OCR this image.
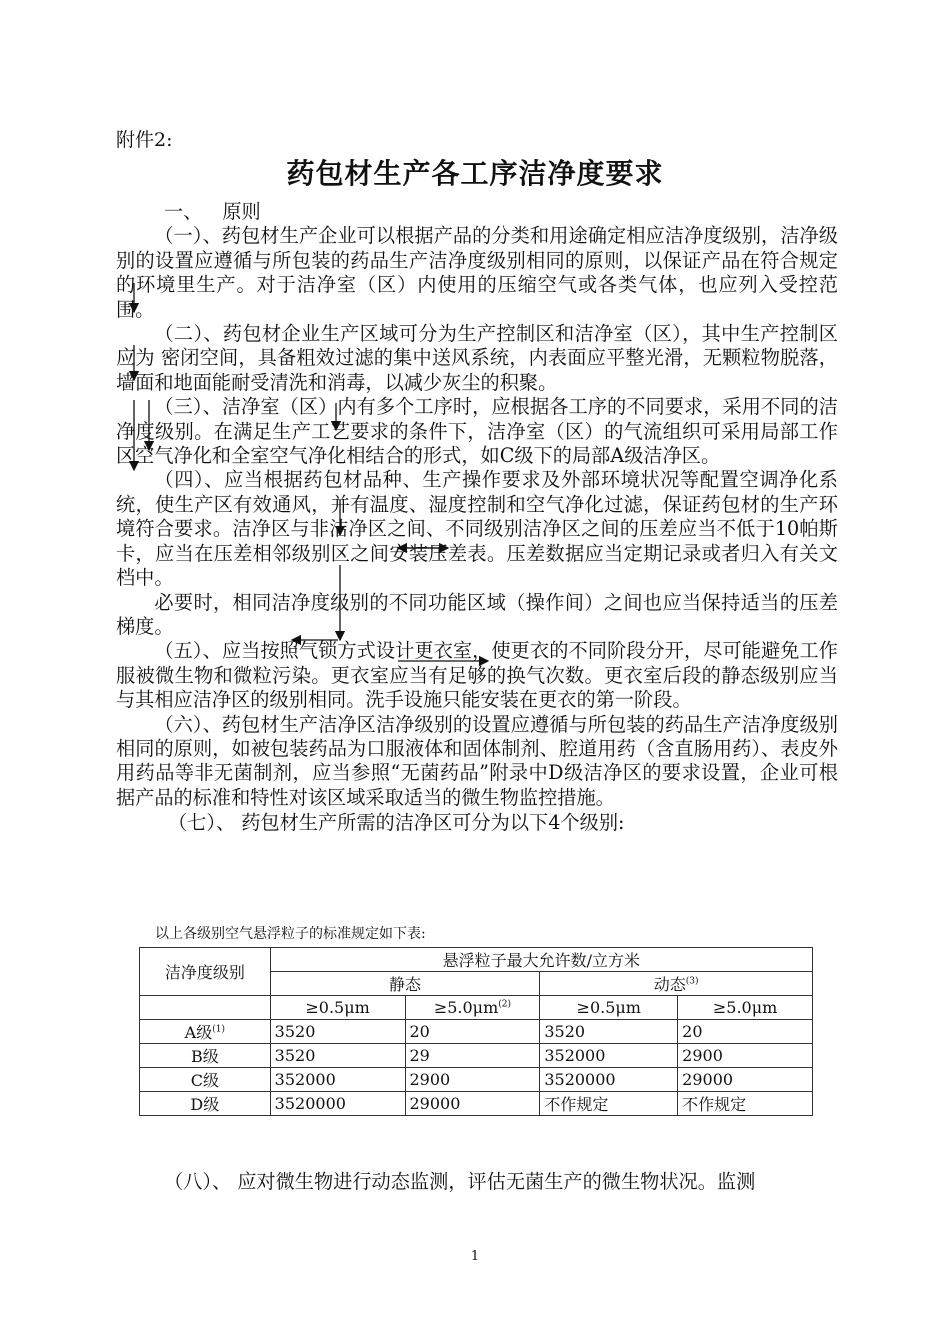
附件2:
药包材生产各工序洁净度要求

一、 原则

（一）、药包材生产企业可以根据产品的分类和用途确定相应洁净度级别，洁净级别的设置应遵循与所包装的药品生产洁净度级别相同的原则，以保证产品在符合规定的环境里生产。对于洁净室（区）内使用的压缩空气或各类气体，也应列入受控范围。

（二）、药包材企业生产区域可分为生产控制区和洁净室（区），其中生产控制区应为 密闭空间，具备粗效过滤的集中送风系统，内表面应平整光滑，无颗粒物脱落，墙面和地面能耐受清洗和消毒，以减少灰尘的积聚。

（三）、洁净室（区）内有多个工序时，应根据各工序的不同要求，采用不同的洁净度级别。在满足生产工艺要求的条件下，洁净室（区）的气流组织可采用局部工作区空气净化和全室空气净化相结合的形式，如C级下的局部A级洁净区。

（四）、应当根据药包材品种、生产操作要求及外部环境状况等配置空调净化系统，使生产区有效通风，并有温度、湿度控制和空气净化过滤，保证药包材的生产环境符合要求。洁净区与非洁净区之间、不同级别洁净区之间的压差应当不低于10帕斯卡，应当在压差相邻级别区之间安装压差表。压差数据应当定期记录或者归入有关文档中。

必要时，相同洁净度级别的不同功能区域（操作间）之间也应当保持适当的压差梯度。

（五）、应当按照气锁方式设计更衣室，使更衣的不同阶段分开，尽可能避免工作服被微生物和微粒污染。更衣室应当有足够的换气次数。更衣室后段的静态级别应当与其相应洁净区的级别相同。洗手设施只能安装在更衣的第一阶段。

（六）、药包材生产洁净区洁净级别的设置应遵循与所包装的药品生产洁净度级别相同的原则，如被包装药品为口服液体和固体制剂、腔道用药（含直肠用药）、表皮外用药品等非无菌制剂，应当参照“无菌药品”附录中D级洁净区的要求设置，企业可根据产品的标准和特性对该区域采取适当的微生物监控措施。

（七）、 药包材生产所需的洁净区可分为以下4个级别:

以上各级别空气悬浮粒子的标准规定如下表:
洁净度级别	悬浮粒子最大允许数/立方米			
	静态		动态$^{(3)}$
	≥0.5μm	$\ge 5.0\mu m^{(2)}$	≥0.5μm	≥5.0μm
A级$^{(1)}$	3520	20	3520	20
B级	3520	29	352000	2900
C级	352000	2900	3520000	29000
D级	3520000	29000	不作规定	不作规定
（八）、 应对微生物进行动态监测，评估无菌生产的微生物状况。监测
1
